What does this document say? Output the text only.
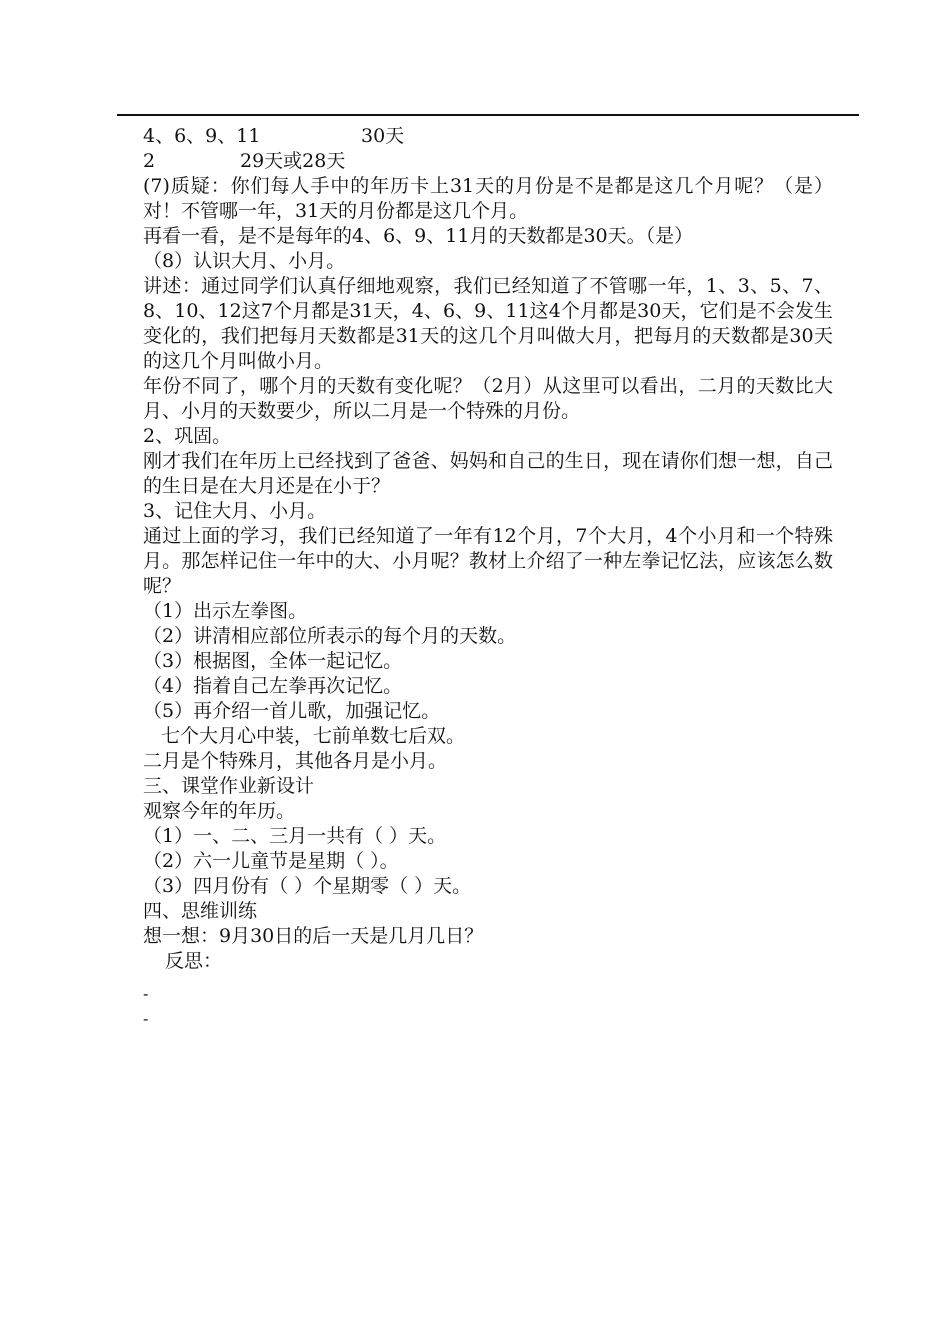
4、6、9、11	30天
2	29天或28天
(7)质疑：你们每人手中的年历卡上31天的月份是不是都是这几个月呢？（是）对！不管哪一年，31天的月份都是这几个月。
再看一看，是不是每年的4、6、9、11月的天数都是30天。（是）
（8）认识大月、小月。
讲述：通过同学们认真仔细地观察，我们已经知道了不管哪一年，1、3、5、7、8、10、12这7个月都是31天，4、6、9、11这4个月都是30天，它们是不会发生变化的，我们把每月天数都是31天的这几个月叫做大月，把每月的天数都是30天的这几个月叫做小月。
年份不同了，哪个月的天数有变化呢？（2月）从这里可以看出，二月的天数比大月、小月的天数要少，所以二月是一个特殊的月份。
2、巩固。
刚才我们在年历上已经找到了爸爸、妈妈和自己的生日，现在请你们想一想，自己的生日是在大月还是在小于？
3、记住大月、小月。
通过上面的学习，我们已经知道了一年有12个月，7个大月，4个小月和一个特殊月。那怎样记住一年中的大、小月呢？教材上介绍了一种左拳记忆法，应该怎么数呢？
（1）出示左拳图。
（2）讲清相应部位所表示的每个月的天数。
（3）根据图，全体一起记忆。
（4）指着自己左拳再次记忆。
（5）再介绍一首儿歌，加强记忆。
七个大月心中装，七前单数七后双。
二月是个特殊月，其他各月是小月。
三、课堂作业新设计
观察今年的年历。
（1）一、二、三月一共有（ ）天。
（2）六一儿童节是星期（ ）。
（3）四月份有（ ）个星期零（ ）天。
四、思维训练
想一想：9月30日的后一天是几月几日？
反思：
-
-
